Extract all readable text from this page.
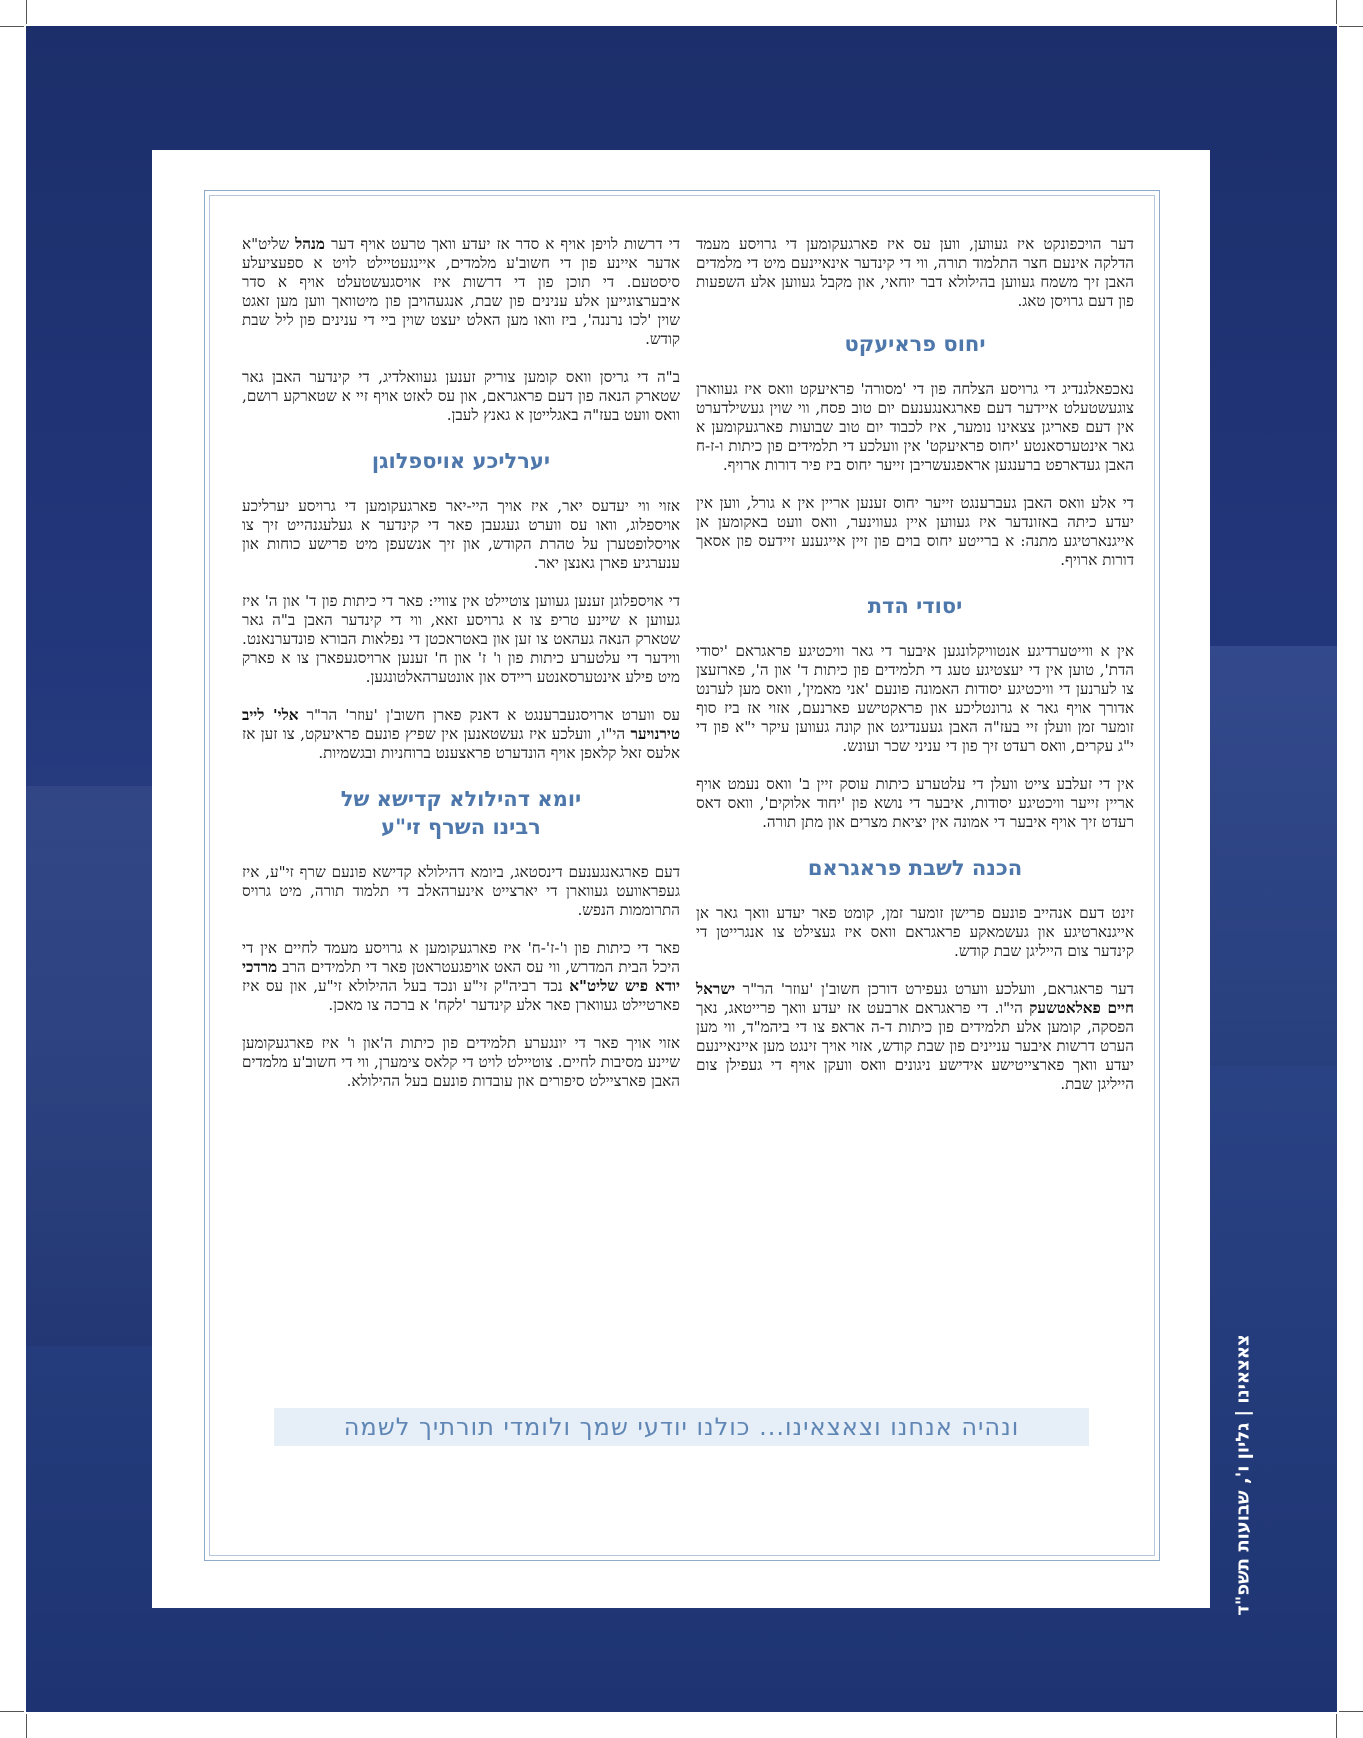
דער הויכפונקט איז געווען, ווען עס איז פארגעקומען די גרויסע מעמד הדלקה אינעם חצר התלמוד תורה, ווי די קינדער אינאיינעם מיט די מלמדים האבן זיך משמח געווען בהילולא דבר יוחאי, און מקבל געווען אלע השפעות פון דעם גרויסן טאג.

יחוס פראיעקט

נאכפאלגנדיג די גרויסע הצלחה פון די 'מסורה' פראיעקט וואס איז געווארן צוגעשטעלט איידער דעם פארגאנגענעם יום טוב פסח, ווי שוין געשילדערט אין דעם פאריגן צצאינו נומער, איז לכבוד יום טוב שבועות פארגעקומען א גאר אינטערסאנטע 'יחוס פראיעקט' אין וועלכע די תלמידים פון כיתות ו-ז-ח האבן געדארפט ברענגען אראפגעשריבן זייער יחוס ביז פיר דורות ארויף.

די אלע וואס האבן געברענגט זייער יחוס זענען אריין אין א גורל, ווען אין יעדע כיתה באזונדער איז געווען איין געווינער, וואס וועט באקומען אן אייגנארטיגע מתנה: א ברייטע יחוס בוים פון זיין אייגענע זיידעס פון אסאך דורות ארויף.

יסודי הדת

אין א ווייטערדיגע אנטוויקלונגען איבער די גאר וויכטיגע פראגראם 'יסודי הדת', טוען אין די יעצטיגע טעג די תלמידים פון כיתות ד' און ה', פארזעצן צו לערנען די וויכטיגע יסודות האמונה פונעם 'אני מאמין', וואס מען לערנט אדורך אויף גאר א גרונטליכע און פראקטישע פארנעם, אזוי אז ביז סוף זומער זמן וועלן זיי בעז"ה האבן געענדיגט און קונה געווען עיקר י"א פון די י"ג עקרים, וואס רעדט זיך פון די עניני שכר ועונש.

אין די זעלבע צייט וועלן די עלטערע כיתות עוסק זיין ב' וואס נעמט אויף אריין זייער וויכטיגע יסודות, איבער די נושא פון 'יחוד אלוקים', וואס דאס רעדט זיך אויף איבער די אמונה אין יציאת מצרים און מתן תורה.

הכנה לשבת פראגראם

זינט דעם אנהייב פונעם פרישן זומער זמן, קומט פאר יעדע וואך גאר אן אייגנארטיגע און געשמאקע פראגראם וואס איז געצילט צו אנגרייטן די קינדער צום הייליגן שבת קודש.

דער פראגראם, וועלכע ווערט געפירט דורכן חשוב'ן 'עוזר' הר"ר ישראל חיים פאלאטשעק הי"ו. די פראגראם ארבעט אז יעדע וואך פרייטאג, נאך הפסקה, קומען אלע תלמידים פון כיתות ד-ה אראפ צו די ביהמ"ד, ווי מען הערט דרשות איבער עניינים פון שבת קודש, אזוי אויך זינגט מען איינאיינעם יעדע וואך פארצייטישע אידישע ניגונים וואס וועקן אויף די געפילן צום הייליגן שבת.

די דרשות לויפן אויף א סדר אז יעדע וואך טרעט אויף דער מנהל שליט"א אדער איינע פון די חשוב'ע מלמדים, איינגעטיילט לויט א ספעציעלע סיסטעם. די תוכן פון די דרשות איז אויסגעשטעלט אויף א סדר איבערצוגייען אלע ענינים פון שבת, אנגעהויבן פון מיטוואך ווען מען זאגט שוין 'לכו נרננה', ביז וואו מען האלט יעצט שוין ביי די ענינים פון ליל שבת קודש.

ב"ה די גריסן וואס קומען צוריק זענען געוואלדיג, די קינדער האבן גאר שטארק הנאה פון דעם פראגראם, און עס לאזט אויף זיי א שטארקע רושם, וואס וועט בעז"ה באגלייטן א גאנץ לעבן.

יערליכע אויספלוגן

אזוי ווי יעדעס יאר, איז אויך היי-יאר פארגעקומען די גרויסע יערליכע אויספלוג, וואו עס ווערט געגעבן פאר די קינדער א געלעגנהייט זיך צו אויסלופטערן על טהרת הקודש, און זיך אנשעפן מיט פרישע כוחות און ענערגיע פארן גאנצן יאר.

די אויספלוגן זענען געווען צוטיילט אין צוויי: פאר די כיתות פון ד' און ה' איז געווען א שיינע טריפ צו א גרויסע זאא, ווי די קינדער האבן ב"ה גאר שטארק הנאה געהאט צו זען און באטראכטן די נפלאות הבורא פונדערנאנט. ווידער די עלטערע כיתות פון ו' ז' און ח' זענען ארויסגעפארן צו א פארק מיט פילע אינטערסאנטע ריידס און אונטערהאלטונגען.

עס ווערט ארויסגעברענגט א דאנק פארן חשוב'ן 'עוזר' הר"ר אלי' לייב טירנויער הי"ו, וועלכע איז געשטאנען אין שפיץ פונעם פראיעקט, צו זען אז אלעס זאל קלאפן אויף הונדערט פראצענט ברוחניות ובגשמיות.

יומא דהילולא קדישא של
רבינו השרף זי"ע

דעם פארגאנגענעם דינסטאג, ביומא דהילולא קדישא פונעם שרף זי"ע, איז געפראוועט געווארן די יארצייט אינערהאלב די תלמוד תורה, מיט גרויס התרוממות הנפש.

פאר די כיתות פון ו'-ז'-ח' איז פארגעקומען א גרויסע מעמד לחיים אין די היכל הבית המדרש, ווי עס האט אויפגעטראטן פאר די תלמידים הרב מרדכי יודא פיש שליט"א נכד רביה"ק זי"ע ונכד בעל ההילולא זי"ע, און עס איז פארטיילט געווארן פאר אלע קינדער 'לקח' א ברכה צו מאכן.

אזוי אויך פאר די יונגערע תלמידים פון כיתות ה'און ו' איז פארגעקומען שיינע מסיבות לחיים. צוטיילט לויט די קלאס צימערן, ווי די חשוב'ע מלמדים האבן פארציילט סיפורים און עובדות פונעם בעל ההילולא.

ונהיה אנחנו וצאצאינו... כולנו יודעי שמך ולומדי תורתיך לשמה	צאצאינו | גליון ו', שבועות תשפ"ד
